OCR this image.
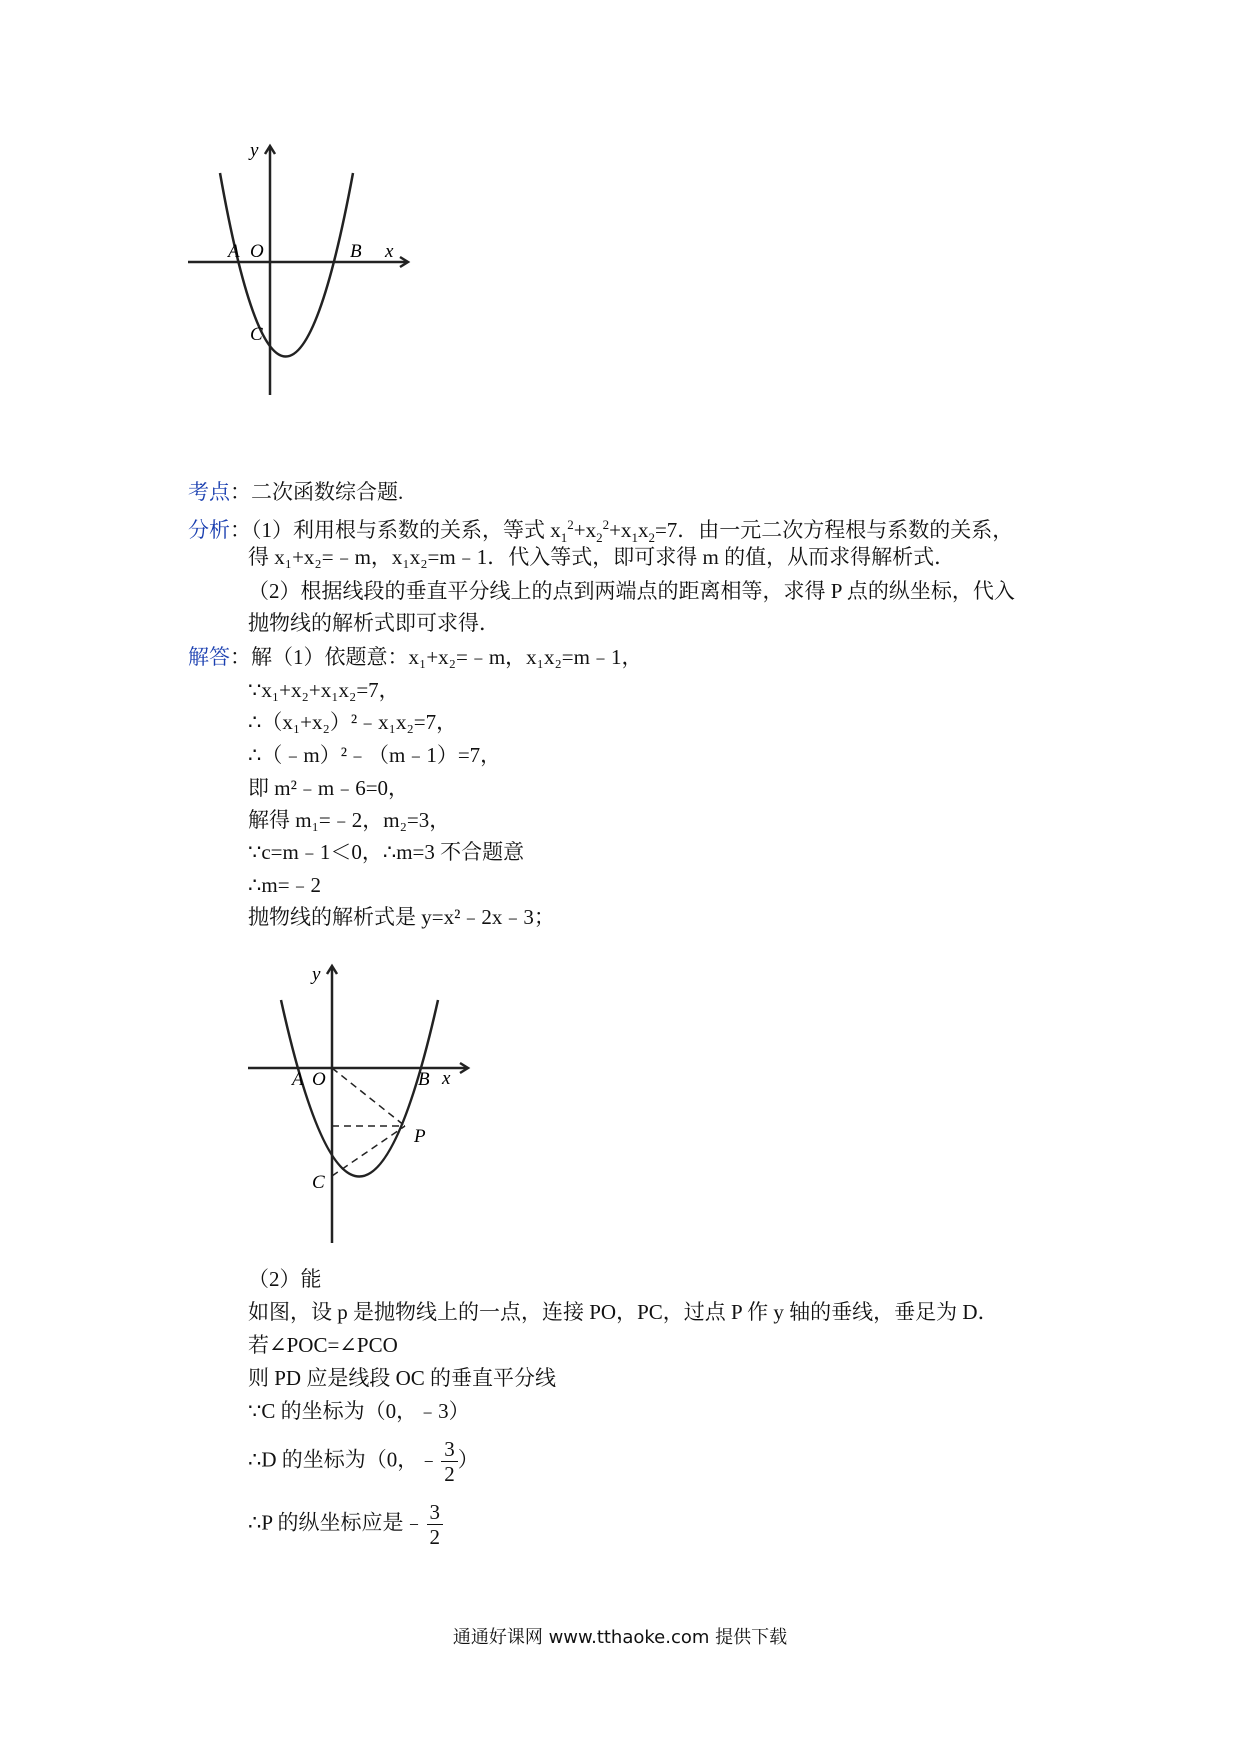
y
x
A O	B
C
考点：二次函数综合题.
分析：（1）利用根与系数的关系，等式 $x_1^2+x_2^2+x_1x_2=7$．由一元二次方程根与系数的关系，
得 x₁+x₂=﹣m，x₁x₂=m﹣1．代入等式，即可求得 m 的值，从而求得解析式．
（2）根据线段的垂直平分线上的点到两端点的距离相等，求得 P 点的纵坐标，代入
抛物线的解析式即可求得．
解答：解（1）依题意：x₁+x₂=﹣m，x₁x₂=m﹣1，
∵x₁+x₂+x₁x₂=7，
∴（x₁+x₂）²﹣x₁x₂=7，
∴（﹣m）²﹣（m﹣1）=7，
即 m²﹣m﹣6=0，
解得 m₁=﹣2，m₂=3，
∵c=m﹣1＜0，∴m=3 不合题意
∴m=﹣2
抛物线的解析式是 y=x²﹣2x﹣3；
y
x
A O	B
C
P
（2）能
如图，设 p 是抛物线上的一点，连接 PO，PC，过点 P 作 y 轴的垂线，垂足为 D．
若∠POC=∠PCO
则 PD 应是线段 OC 的垂直平分线
∵C 的坐标为（0，﹣3）
∴D 的坐标为（0，﹣ $\frac{3}{2}$ ）
∴P 的纵坐标应是﹣ $\frac{3}{2}$
通通好课网 www.tthaoke.com 提供下载
